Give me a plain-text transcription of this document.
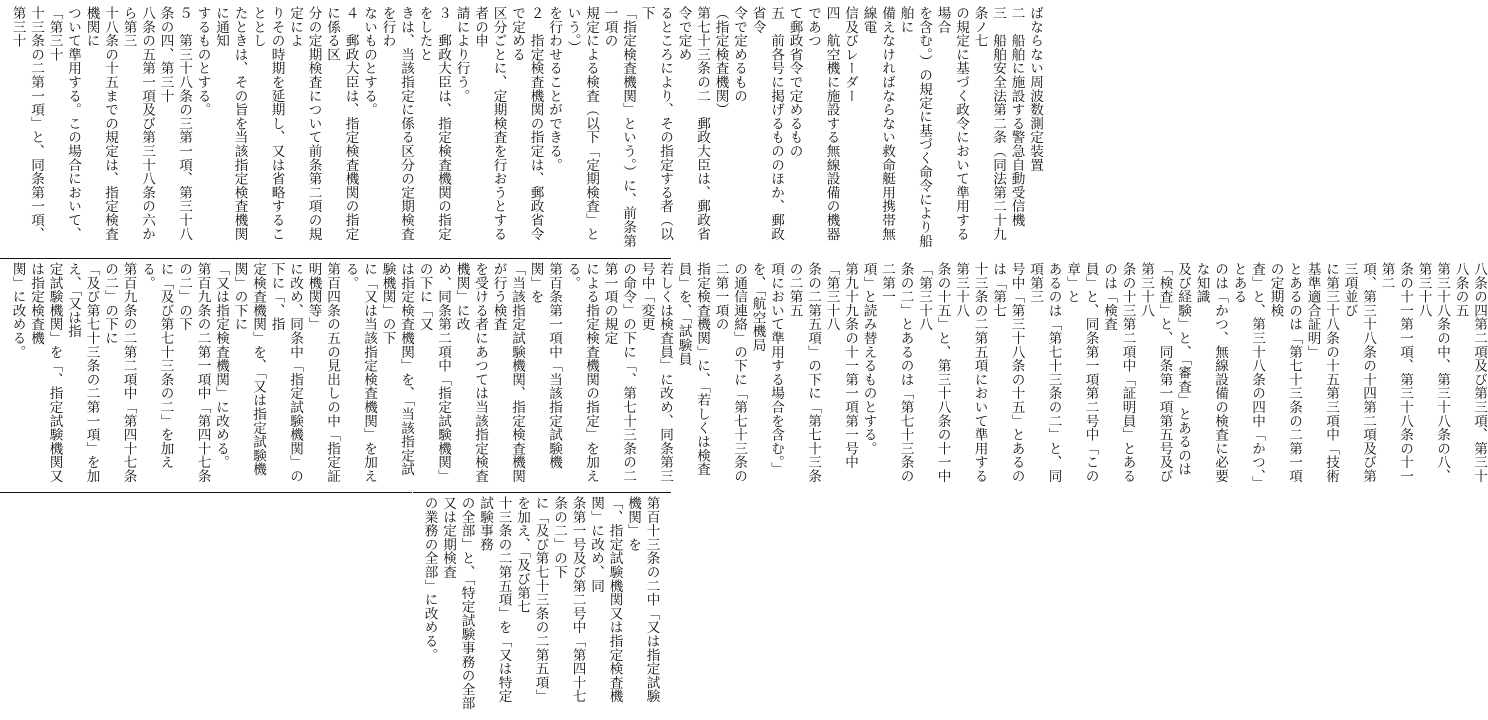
ばならない周波数測定装置
二　船舶に施設する警急自動受信機
三　船舶安全法第二条（同法第二十九条ノ七
の規定に基づく政令において準用する場合
を含む。）の規定に基づく命令により船舶に
備えなければならない救命艇用携帯無線電
信及びレーダー
四　航空機に施設する無線設備の機器であつ
て郵政省令で定めるもの
五　前各号に掲げるもののほか、郵政省令
令で定めるもの
（指定検査機関）
第七十三条の二　郵政大臣は、郵政省令で定め
るところにより、その指定する者（以下
「指定検査機関」という。）に、前条第一項の
規定による検査（以下「定期検査」という。）
を行わせることができる。
２　指定検査機関の指定は、郵政省令で定める
区分ごとに、定期検査を行おうとする者の申
請により行う。
３　郵政大臣は、指定検査機関の指定をしたと
きは、当該指定に係る区分の定期検査を行わ
ないものとする。
４　郵政大臣は、指定検査機関の指定に係る区
分の定期検査について前条第二項の規定によ
りその時期を延期し、又は省略することとし
たときは、その旨を当該指定検査機関に通知
するものとする。
５　第三十八条の三第一項、第三十八条の四、第三十
八条の五第一項及び第三十八条の六から第三
十八条の十五までの規定は、指定検査機関に
ついて準用する。この場合において、「第三十
十三条の二第一項」と、同条第一項、第三十
八条の四第二項及び第三項、第三十八条の五
第三十八条の中、第三十八条の八、第三十八
条の十一第一項、第三十八条の十一第二
項、第三十八条の十四第二項及び第三項並び
に第三十八条の十五第三項中「技術基準適合証明」
とあるのは「第七十三条の二第一項の定期検
査」と、第三十八条の四中「かつ、」とある
のは「かつ、無線設備の検査に必要な知識
及び経験」と、「審査」とあるのは
「検査」と、同条第一項第五号及び第三十八
条の十三第二項中「証明員」とあるのは「検査
員」と、同条第一項第二号中「この章」と
あるのは「第七十三条の二」と、同項第三
号中「第三十八条の十五」とあるのは「第七
十三条の二第五項において準用する第三十八
条の十五」と、第三十八条の十一中「第三十八
条の二」とあるのは「第七十三条の二第一
項」と読み替えるものとする。
第九十九条の十一第一項第一号中「第三十八
条の二第五項」の下に「第七十三条の二第五
項において準用する場合を含む。」を、「航空機局
の通信連絡」の下に「第七十三条の二第一項の
指定検査機関」に、「若しくは検査員」を、「試験員
若しくは検査員」に改め、同条第三号中「変更
の命令」の下に「、第七十三条の二第一項の規定
による指定検査機関の指定」を加える。
第百条第一項中「当該指定試験機関」を
「当該指定試験機関、指定検査機関が行う検査
を受ける者にあつては当該指定検査機関」に改
め、同条第二項中「指定試験機関」の下に「又
は指定検査機関」を、「当該指定試験機関」の下
に「又は当該指定検査機関」を加える。
第百四条の五の見出しの中「指定証明機関等」
に改め、同条中「指定試験機関」の下に「、指
定検査機関」を、「又は指定試験機関」の下に
「又は指定検査機関」に改める。
第百九条の二第一項中「第四十七条の二」の下
に「及び第七十三条の二」を加える。
第百九条の二第二項中「第四十七条の二」の下に
「及び第七十三条の二第一項」を加え、「又は指
定試験機関」を「、指定試験機関又は指定検査機
関」に改める。
第百十三条の二中「又は指定試験機関」を
「、指定試験機関又は指定検査機関」に改め、同
条第一号及び第二号中「第四十七条の二」の下
に「及び第七十三条の二第五項」を加え、「及び第七
十三条の二第五項」を「又は特定試験事務
の全部」と、「特定試験事務の全部又は定期検査
の業務の全部」に改める。
